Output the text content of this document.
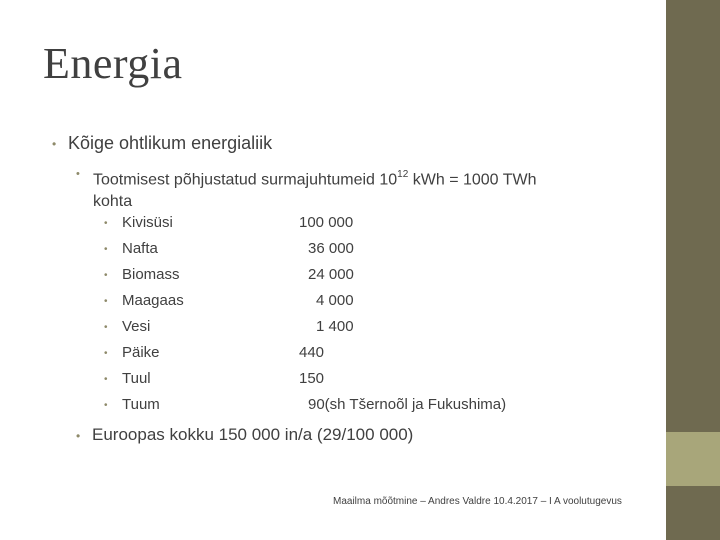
Energia
• Kõige ohtlikum energialiik
• Tootmisest põhjustatud surmajuhtumeid $10^{12}$ kWh = 1000 TWh
kohta
• Kivisüsi	100 000
• Nafta	36 000
• Biomass	24 000
• Maagaas	4 000
• Vesi	1 400
• Päike	440
• Tuul	150
• Tuum	90(sh Tšernoõl ja Fukushima)
• Euroopas kokku 150 000 in/a (29/100 000)
Maailma mõõtmine – Andres Valdre 10.4.2017 – I A voolutugevus
